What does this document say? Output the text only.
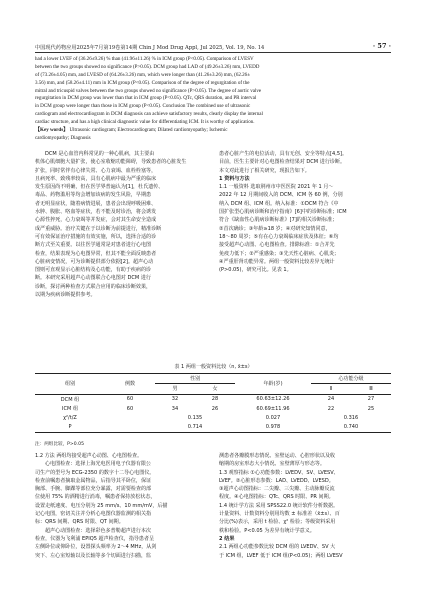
中国现代药物应用2025年7月第19卷第14期 Chin J Mod Drug Appl, Jul 2025, Vol. 19, No. 14	· 57 ·
had a lower LVEF of (36.26±9.26) % than (41.96±11.26) % in ICM group (P<0.05). Comparison of LVESV
between the two groups showed no significance (P>0.05). DCM group had LAD of (49.26±3.26) mm, LVEDD
of (73.26±4.05) mm, and LVESD of (64.26±3.26) mm, which were longer than (41.26±3.26) mm, (62.26±
3.56) mm, and (58.26±4.11) mm in ICM group (P<0.05). Comparison of the degree of regurgitation of the
mitral and tricuspid valves between the two groups showed no significance (P>0.05). The degree of aortic valve
regurgitation in DCM group was lower than that in ICM group (P<0.05). QTc, QRS duration, and PR interval
in DCM group were longer than those in ICM group (P<0.05). Conclusion The combined use of ultrasonic
cardiogram and electrocardiogram in DCM diagnosis can achieve satisfactory results, clearly display the internal
cardiac structure, and has a high clinical diagnostic value for differentiating ICM. It is worthy of application.
【Key words】 Ultrasonic cardiogram; Electrocardiogram; Dilated cardiomyopathy; Ischemic
cardiomyopathy; Diagnosis
DCM 是心血管内科常见的一种心肌病，其主要由
机体心肌细胞大量扩张，使心室收缩功能障碍，导致患者的心脏发生
扩张，同时常伴有心律失常、心力衰竭、血栓栓塞等，
且病死率、致残率较高，具有心肌病中最为严重的临床
发生原因尚不明确，但在医学界普遍认为[1]，杜氏遗传、
毒品、药物滥用等均会增加该病的发生风险，早期患
者无明显症状，随着病情进展，患者会出现呼吸困难、
水肿、腹胀、咯血等症状，若不能及时诊治，将会诱发
心源性猝死，心力衰竭等并发症，会对其生命安全造成
成严重威胁。治疗关键在于以诊断为前提进行，精准诊断
可有效保证治疗措施的有效实施，所以，选择合适的诊
断方式至关重要。以往医学通常是对患者进行心电图
检查，结果表现为心电图异常，但其不能全面反映患者
心脏病变情况，可为诊断提供部分依据[2]。超声心动
图则可直观显示心脏结构及心功能，有助于疾病的诊
断。本研究采用超声心动图联合心电图对 DCM 进行
诊断，探讨两种检查方式联合应用的临床诊断效果，
以期为疾病诊断提供参考。
患者心脏产生的电位活动，具有无创、安全等特点[4,5]。
目前，医生主要针对心电图检查结果对 DCM 进行诊断。
本文对此进行了相关研究，现报告如下。
1 资料与方法
1.1 一般资料 选取荆州市中医医院 2021 年 1 月～
2022 年 12 月期间收入的 DCM、ICM 各 60 例，分别
纳入 DCM 组、ICM 组。纳入标准：①DCM 符合《中
国扩张型心肌病诊断和治疗指南》[6]中的诊断标准；ICM
符合《缺血性心肌病诊断标准》[7]的相关诊断标准；
②首次确诊；③年龄≥18 岁；④对研究知情同意，
18～80 周岁；⑤有在心力衰竭临床症状及体征；⑥均
接受超声心动图、心电图检查。排除标准：①合并先
免疫力低下；②严重感染；③先天性心脏病、心肌炎；
④严重肝肾功能异常。两组一般资料比较差异无统计
(P>0.05)，研究可比。见表 1。
表 1 两组一般资料比较（n, x̄±s）
组别	例数	性别		年龄(岁)	心功能分级	
		男	女		Ⅱ	Ⅲ
DCM 组	60	32	28	60.63±12.26	24	27
ICM 组	60	34	26	60.69±11.96	22	25
χ²/t/Z		0.135		0.027	0.316	
P		0.714		0.978	0.740	
注：两组比较，P>0.05
1.2 方法 两组均接受超声心动图、心电图检查。
心电图检查：选择上海光电医用电子仪器有限公
司生产的型号为 ECG-2350 的数字十二导心电图仪。
检查前嘱患者摘取金属物品，后指导其平卧位，保证
胸部、手腕、脚踝等部位充分暴露，对需要检查的部
位使用 75% 的酒精进行消毒，嘱患者保持放松状态，
设置走纸速度、电压分别为 25 mm/s、10 mm/mV，后描
记心电图，密切关注并分析心电图仪器监测的相关指
标：QRS 间期、QRS 时限、QT 间期。
超声心动图检查：选择彩色多普勒超声进行本次
检查，仪器为飞利浦 EPIQ5 超声检查仪，指导患者呈
左侧卧位或仰卧位，设置探头频率为 2～4 MHz，从剑
突下、左心室短轴以及长轴等多个切面进行扫描，监
测患者各瓣膜形态情况、室壁运动、心腔形状以及收
缩期的房室形态大小情况、室壁薄厚与形态等。
1.3 观察指标 ①心功能参数：LVEDV、SV、LVESV、
LVEF。②心脏形态参数：LAD、LVEDD、LVESD。
③超声心动图指标：二尖瓣、三尖瓣、主动脉瓣反流
程度。④心电图指标：QTc、QRS 时限、PR 间期。
1.4 统计学方法 采用 SPSS22.0 统计软件分析数据。
计量资料、计数资料分别用均数 ± 标准差（x̄±s）、百
分比(%)表示，采用 t 检验、χ² 检验；等级资料采用
秩和检验。P<0.05 为差异有统计学意义。
2 结果
2.1 两组心功能参数比较 DCM 组的 LVEDV、SV 大
于 ICM 组，LVEF 低于 ICM 组(P<0.05)；两组 LVESV
